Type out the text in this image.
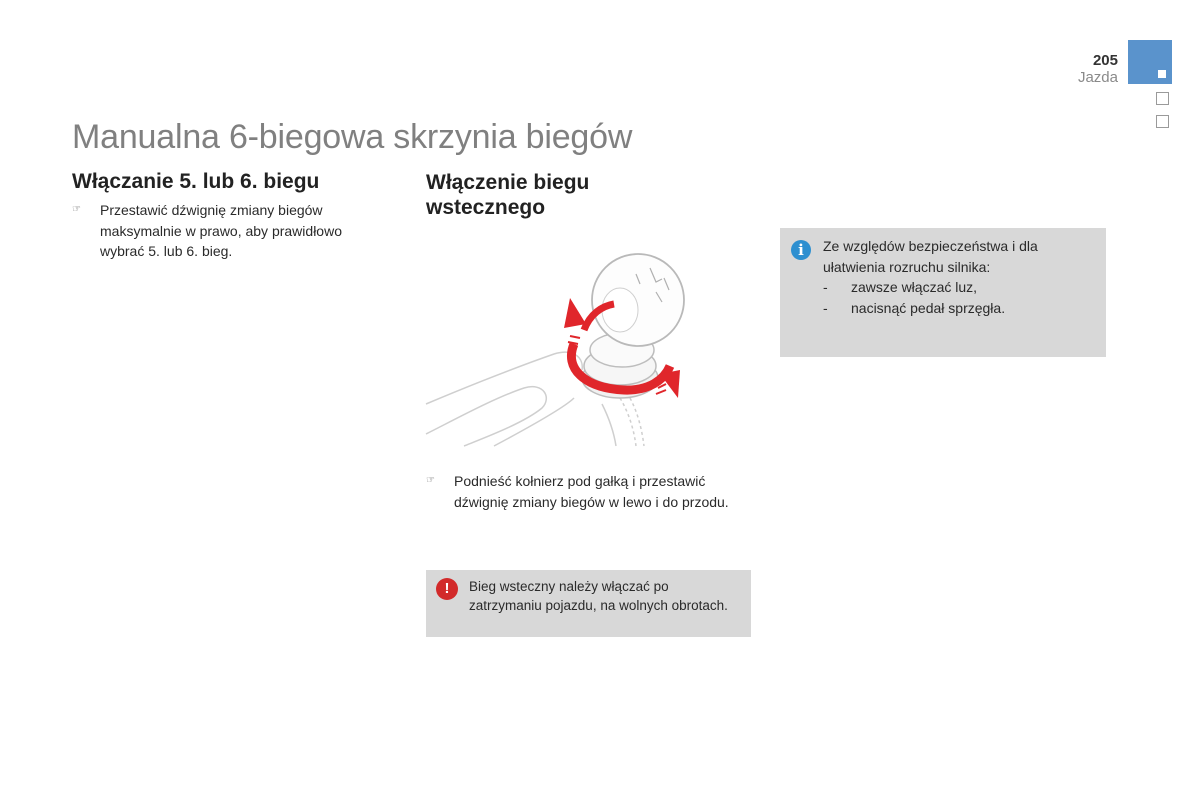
205
Jazda
Manualna 6-biegowa skrzynia biegów
Włączanie 5. lub 6. biegu
☞ Przestawić dźwignię zmiany biegów maksymalnie w prawo, aby prawidłowo wybrać 5. lub 6. bieg.
Włączenie biegu wstecznego
☞ Podnieść kołnierz pod gałką i przestawić dźwignię zmiany biegów w lewo i do przodu.
!	Bieg wsteczny należy włączać po zatrzymaniu pojazdu, na wolnych obrotach.
i	Ze względów bezpieczeństwa i dla ułatwienia rozruchu silnika:
- zawsze włączać luz,
- nacisnąć pedał sprzęgła.
